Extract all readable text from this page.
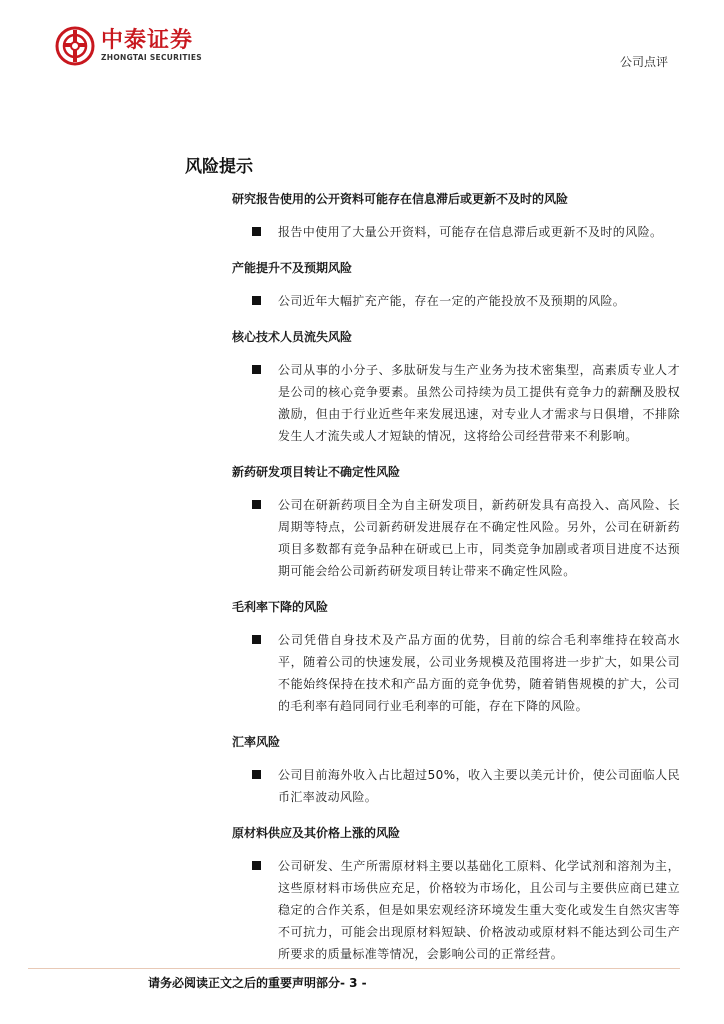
中泰证券
ZHONGTAI SECURITIES	公司点评
风险提示
研究报告使用的公开资料可能存在信息滞后或更新不及时的风险
报告中使用了大量公开资料，可能存在信息滞后或更新不及时的风险。
产能提升不及预期风险
公司近年大幅扩充产能，存在一定的产能投放不及预期的风险。
核心技术人员流失风险
公司从事的小分子、多肽研发与生产业务为技术密集型，高素质专业人才是公司的核心竞争要素。虽然公司持续为员工提供有竞争力的薪酬及股权激励，但由于行业近些年来发展迅速，对专业人才需求与日俱增，不排除发生人才流失或人才短缺的情况，这将给公司经营带来不利影响。
新药研发项目转让不确定性风险
公司在研新药项目全为自主研发项目，新药研发具有高投入、高风险、长周期等特点，公司新药研发进展存在不确定性风险。另外，公司在研新药项目多数都有竞争品种在研或已上市，同类竞争加剧或者项目进度不达预期可能会给公司新药研发项目转让带来不确定性风险。
毛利率下降的风险
公司凭借自身技术及产品方面的优势，目前的综合毛利率维持在较高水平，随着公司的快速发展，公司业务规模及范围将进一步扩大，如果公司不能始终保持在技术和产品方面的竞争优势，随着销售规模的扩大，公司的毛利率有趋同同行业毛利率的可能，存在下降的风险。
汇率风险
公司目前海外收入占比超过50%，收入主要以美元计价，使公司面临人民币汇率波动风险。
原材料供应及其价格上涨的风险
公司研发、生产所需原材料主要以基础化工原料、化学试剂和溶剂为主，这些原材料市场供应充足，价格较为市场化，且公司与主要供应商已建立稳定的合作关系，但是如果宏观经济环境发生重大变化或发生自然灾害等不可抗力，可能会出现原材料短缺、价格波动或原材料不能达到公司生产所要求的质量标准等情况，会影响公司的正常经营。
请务必阅读正文之后的重要声明部分- 3 -
